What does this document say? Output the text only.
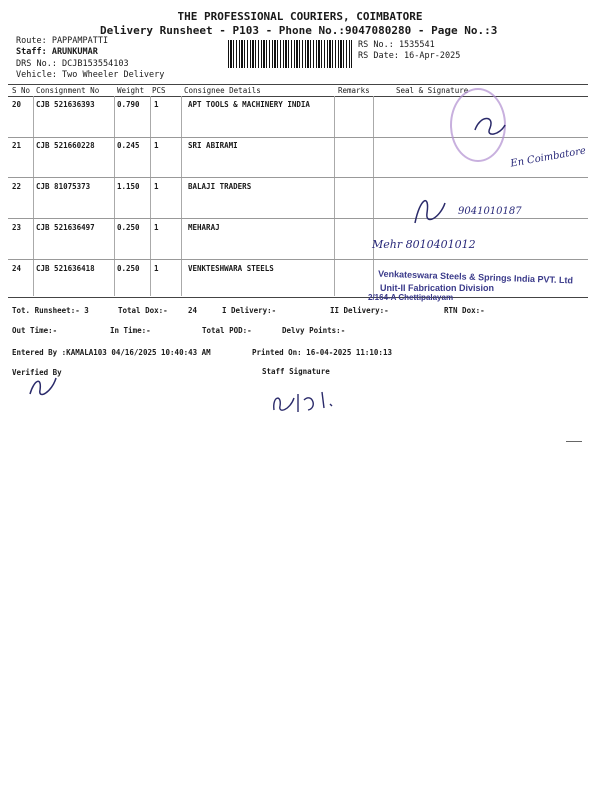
THE PROFESSIONAL COURIERS, COIMBATORE
Delivery Runsheet - P103 - Phone No.:9047080280 - Page No.:3
Route: PAPPAMPATTI
Staff: ARUNKUMAR
DRS No.: DCJB153554103
Vehicle: Two Wheeler Delivery
RS No.: 1535541
RS Date: 16-Apr-2025
S No Consignment No Weight PCS Consignee Details	Remarks	Seal & Signature
20 CJB 521636393	0.790 1	APT TOOLS & MACHINERY INDIA
21 CJB 521660228	0.245 1	SRI ABIRAMI
22 CJB 81075373	1.150 1	BALAJI TRADERS
23 CJB 521636497	0.250 1	MEHARAJ
24 CJB 521636418	0.250 1	VENKTESHWARA STEELS
En Coimbatore
9041010187
Mehr 8010401012
Venkateswara Steels & Springs India PVT. Ltd
Unit-II Fabrication Division
2/164-A Chettipalayam
Tot. Runsheet:- 3	Total Dox:-	24	I Delivery:-	II Delivery:-	RTN Dox:-
Out Time:-	In Time:-	Total POD:-	Delvy Points:-
Entered By :KAMALA103 04/16/2025 10:40:43 AM	Printed On: 16-04-2025 11:10:13
Verified By	Staff Signature
